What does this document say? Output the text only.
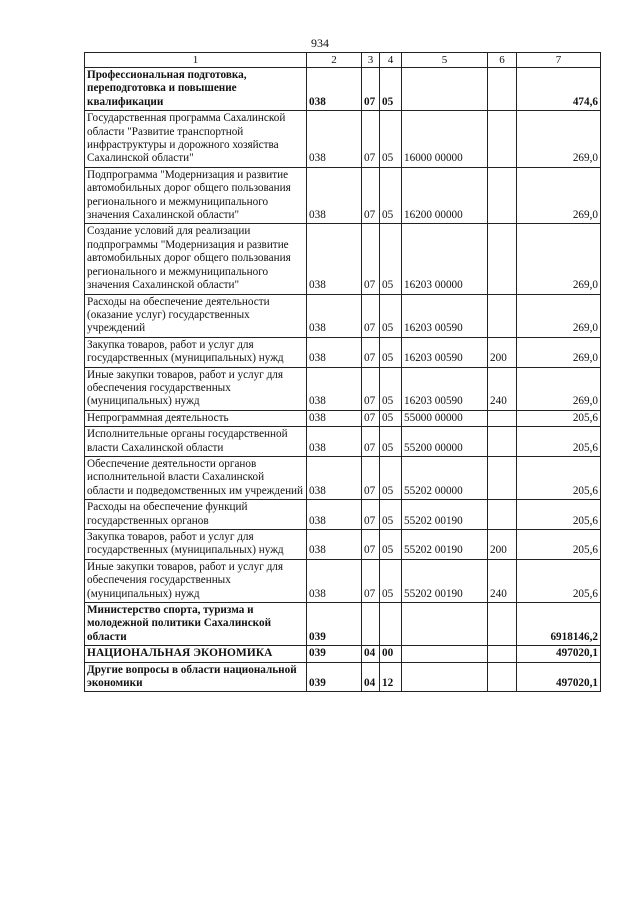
934
1	2	3	4	5	6	7
Профессиональная подготовка, переподготовка и повышение квалификации	038	07	05			474,6
Государственная программа Сахалинской области "Развитие транспортной инфраструктуры и дорожного хозяйства Сахалинской области"	038	07	05	16000 00000		269,0
Подпрограмма "Модернизация и развитие автомобильных дорог общего пользования регионального и межмуниципального значения Сахалинской области"	038	07	05	16200 00000		269,0
Создание условий для реализации подпрограммы "Модернизация и развитие автомобильных дорог общего пользования регионального и межмуниципального значения Сахалинской области"	038	07	05	16203 00000		269,0
Расходы на обеспечение деятельности (оказание услуг) государственных учреждений	038	07	05	16203 00590		269,0
Закупка товаров, работ и услуг для государственных (муниципальных) нужд	038	07	05	16203 00590	200	269,0
Иные закупки товаров, работ и услуг для обеспечения государственных (муниципальных) нужд	038	07	05	16203 00590	240	269,0
Непрограммная деятельность	038	07	05	55000 00000		205,6
Исполнительные органы государственной власти Сахалинской области	038	07	05	55200 00000		205,6
Обеспечение деятельности органов исполнительной власти Сахалинской области и подведомственных им учреждений	038	07	05	55202 00000		205,6
Расходы на обеспечение функций государственных органов	038	07	05	55202 00190		205,6
Закупка товаров, работ и услуг для государственных (муниципальных) нужд	038	07	05	55202 00190	200	205,6
Иные закупки товаров, работ и услуг для обеспечения государственных (муниципальных) нужд	038	07	05	55202 00190	240	205,6
Министерство спорта, туризма и молодежной политики Сахалинской области	039					6918146,2
НАЦИОНАЛЬНАЯ ЭКОНОМИКА	039	04	00			497020,1
Другие вопросы в области национальной экономики	039	04	12			497020,1
